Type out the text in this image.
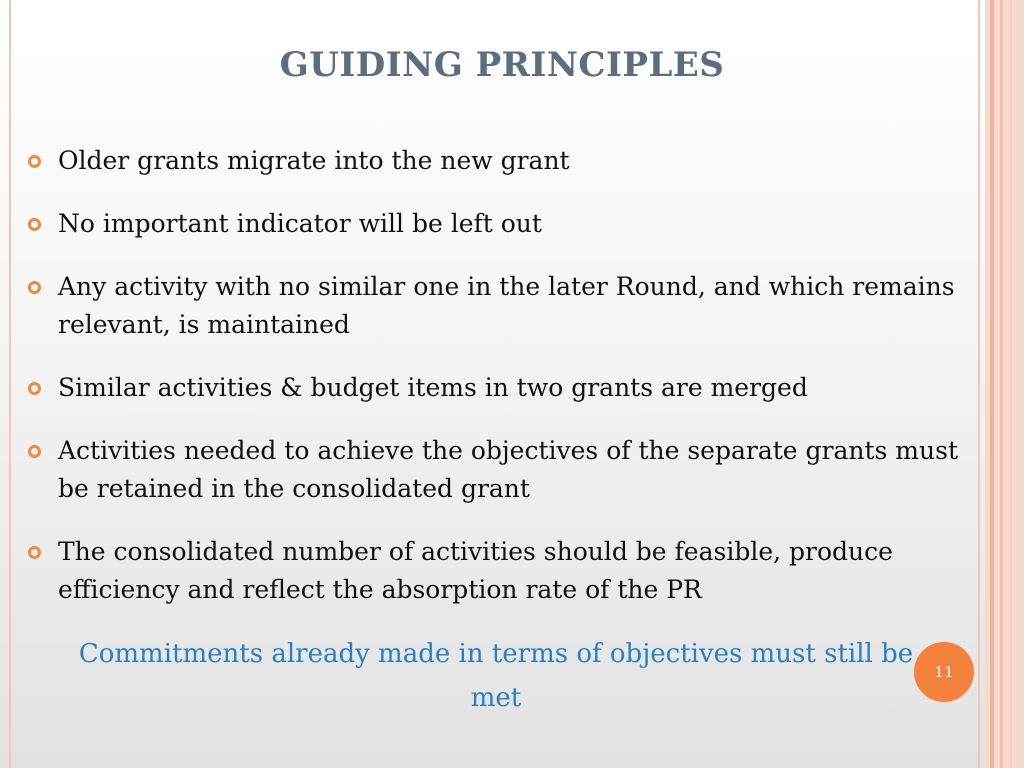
GUIDING PRINCIPLES
Older grants migrate into the new grant
No important indicator will be left out
Any activity with no similar one in the later Round, and which remains relevant, is maintained
Similar activities & budget items in two grants are merged
Activities needed to achieve the objectives of the separate grants must be retained in the consolidated grant
The consolidated number of activities should be feasible, produce efficiency and reflect the absorption rate of the PR
Commitments already made in terms of objectives must still be met
11
